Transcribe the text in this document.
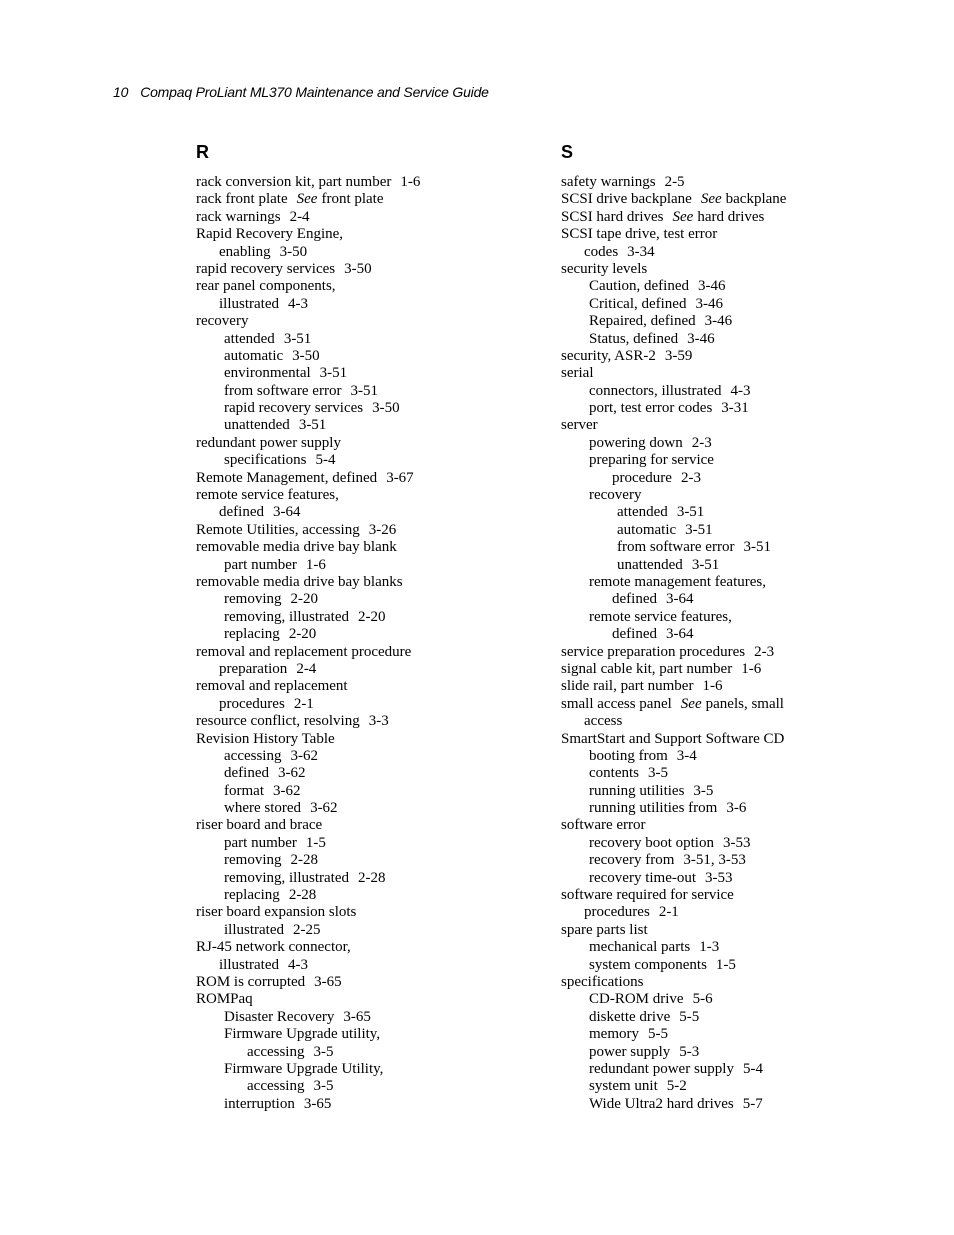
10 Compaq ProLiant ML370 Maintenance and Service Guide
R
rack conversion kit, part number 1-6
rack front plate See front plate
rack warnings 2-4
Rapid Recovery Engine,
enabling 3-50
rapid recovery services 3-50
rear panel components,
illustrated 4-3
recovery
attended 3-51
automatic 3-50
environmental 3-51
from software error 3-51
rapid recovery services 3-50
unattended 3-51
redundant power supply
specifications 5-4
Remote Management, defined 3-67
remote service features,
defined 3-64
Remote Utilities, accessing 3-26
removable media drive bay blank
part number 1-6
removable media drive bay blanks
removing 2-20
removing, illustrated 2-20
replacing 2-20
removal and replacement procedure
preparation 2-4
removal and replacement
procedures 2-1
resource conflict, resolving 3-3
Revision History Table
accessing 3-62
defined 3-62
format 3-62
where stored 3-62
riser board and brace
part number 1-5
removing 2-28
removing, illustrated 2-28
replacing 2-28
riser board expansion slots
illustrated 2-25
RJ-45 network connector,
illustrated 4-3
ROM is corrupted 3-65
ROMPaq
Disaster Recovery 3-65
Firmware Upgrade utility,
accessing 3-5
Firmware Upgrade Utility,
accessing 3-5
interruption 3-65
S
safety warnings 2-5
SCSI drive backplane See backplane
SCSI hard drives See hard drives
SCSI tape drive, test error
codes 3-34
security levels
Caution, defined 3-46
Critical, defined 3-46
Repaired, defined 3-46
Status, defined 3-46
security, ASR-2 3-59
serial
connectors, illustrated 4-3
port, test error codes 3-31
server
powering down 2-3
preparing for service
procedure 2-3
recovery
attended 3-51
automatic 3-51
from software error 3-51
unattended 3-51
remote management features,
defined 3-64
remote service features,
defined 3-64
service preparation procedures 2-3
signal cable kit, part number 1-6
slide rail, part number 1-6
small access panel See panels, small
access
SmartStart and Support Software CD
booting from 3-4
contents 3-5
running utilities 3-5
running utilities from 3-6
software error
recovery boot option 3-53
recovery from 3-51, 3-53
recovery time-out 3-53
software required for service
procedures 2-1
spare parts list
mechanical parts 1-3
system components 1-5
specifications
CD-ROM drive 5-6
diskette drive 5-5
memory 5-5
power supply 5-3
redundant power supply 5-4
system unit 5-2
Wide Ultra2 hard drives 5-7
